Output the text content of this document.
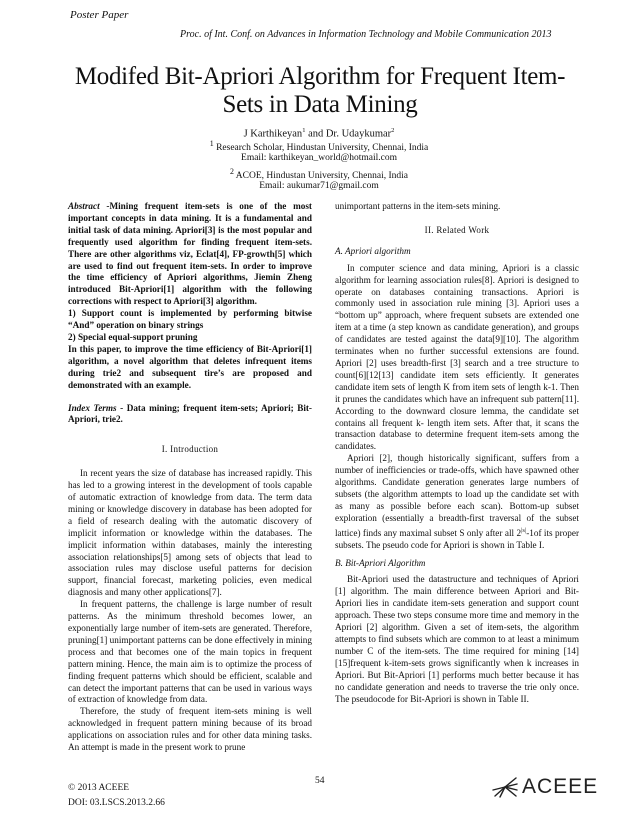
Poster Paper
Proc. of Int. Conf. on Advances in Information Technology and Mobile Communication 2013
Modifed Bit-Apriori Algorithm for Frequent Item-
Sets in Data Mining
J Karthikeyan$^1$ and Dr. Udaykumar$^2$
$^1$ Research Scholar, Hindustan University, Chennai, India
Email: karthikeyan_world@hotmail.com
$^2$ ACOE, Hindustan University, Chennai, India
Email: aukumar71@gmail.com

Abstract -Mining frequent item-sets is one of the most important concepts in data mining. It is a fundamental and initial task of data mining. Apriori[3] is the most popular and frequently used algorithm for finding frequent item-sets. There are other algorithms viz, Eclat[4], FP-growth[5] which are used to find out frequent item-sets. In order to improve the time efficiency of Apriori algorithms, Jiemin Zheng introduced Bit-Apriori[1] algorithm with the following corrections with respect to Apriori[3] algorithm.

1) Support count is implemented by performing bitwise “And” operation on binary strings

2) Special equal-support pruning

In this paper, to improve the time efficiency of Bit-Apriori[1] algorithm, a novel algorithm that deletes infrequent items during trie2 and subsequent tire’s are proposed and demonstrated with an example.

Index Terms - Data mining; frequent item-sets; Apriori; Bit-Apriori, trie2.

I. Introduction

In recent years the size of database has increased rapidly. This has led to a growing interest in the development of tools capable of automatic extraction of knowledge from data. The term data mining or knowledge discovery in database has been adopted for a field of research dealing with the automatic discovery of implicit information or knowledge within the databases. The implicit information within databases, mainly the interesting association relationships[5] among sets of objects that lead to association rules may disclose useful patterns for decision support, financial forecast, marketing policies, even medical diagnosis and many other applications[7].

In frequent patterns, the challenge is large number of result patterns. As the minimum threshold becomes lower, an exponentially large number of item-sets are generated. Therefore, pruning[1] unimportant patterns can be done effectively in mining process and that becomes one of the main topics in frequent pattern mining. Hence, the main aim is to optimize the process of finding frequent patterns which should be efficient, scalable and can detect the important patterns that can be used in various ways of extraction of knowledge from data.

Therefore, the study of frequent item-sets mining is well acknowledged in frequent pattern mining because of its broad applications on association rules and for other data mining tasks. An attempt is made in the present work to prune

unimportant patterns in the item-sets mining.

II. Related Work

A. Apriori algorithm

In computer science and data mining, Apriori is a classic algorithm for learning association rules[8]. Apriori is designed to operate on databases containing transactions. Apriori is commonly used in association rule mining [3]. Apriori uses a “bottom up” approach, where frequent subsets are extended one item at a time (a step known as candidate generation), and groups of candidates are tested against the data[9][10]. The algorithm terminates when no further successful extensions are found. Apriori [2] uses breadth-first [3] search and a tree structure to count[6][12[13] candidate item sets efficiently. It generates candidate item sets of length K from item sets of length k-1. Then it prunes the candidates which have an infrequent sub pattern[11]. According to the downward closure lemma, the candidate set contains all frequent k- length item sets. After that, it scans the transaction database to determine frequent item-sets among the candidates.

Apriori [2], though historically significant, suffers from a number of inefficiencies or trade-offs, which have spawned other algorithms. Candidate generation generates large numbers of subsets (the algorithm attempts to load up the candidate set with as many as possible before each scan). Bottom-up subset exploration (essentially a breadth-first traversal of the subset lattice) finds any maximal subset S only after all $2^{|s|}-1of$ its proper subsets. The pseudo code for Apriori is shown in Table I.

B. Bit-Apriori Algorithm

Bit-Apriori used the datastructure and techniques of Apriori [1] algorithm. The main difference between Apriori and Bit-Apriori lies in candidate item-sets generation and support count approach. These two steps consume more time and memory in the Apriori [2] algorithm. Given a set of item-sets, the algorithm attempts to find subsets which are common to at least a minimum number C of the item-sets. The time required for mining [14][15]frequent k-item-sets grows significantly when k increases in Apriori. But Bit-Apriori [1] performs much better because it has no candidate generation and needs to traverse the trie only once. The pseudocode for Bit-Apriori is shown in Table II.

54
© 2013 ACEEE
DOI: 03.LSCS.2013.2.66
ACEEE
